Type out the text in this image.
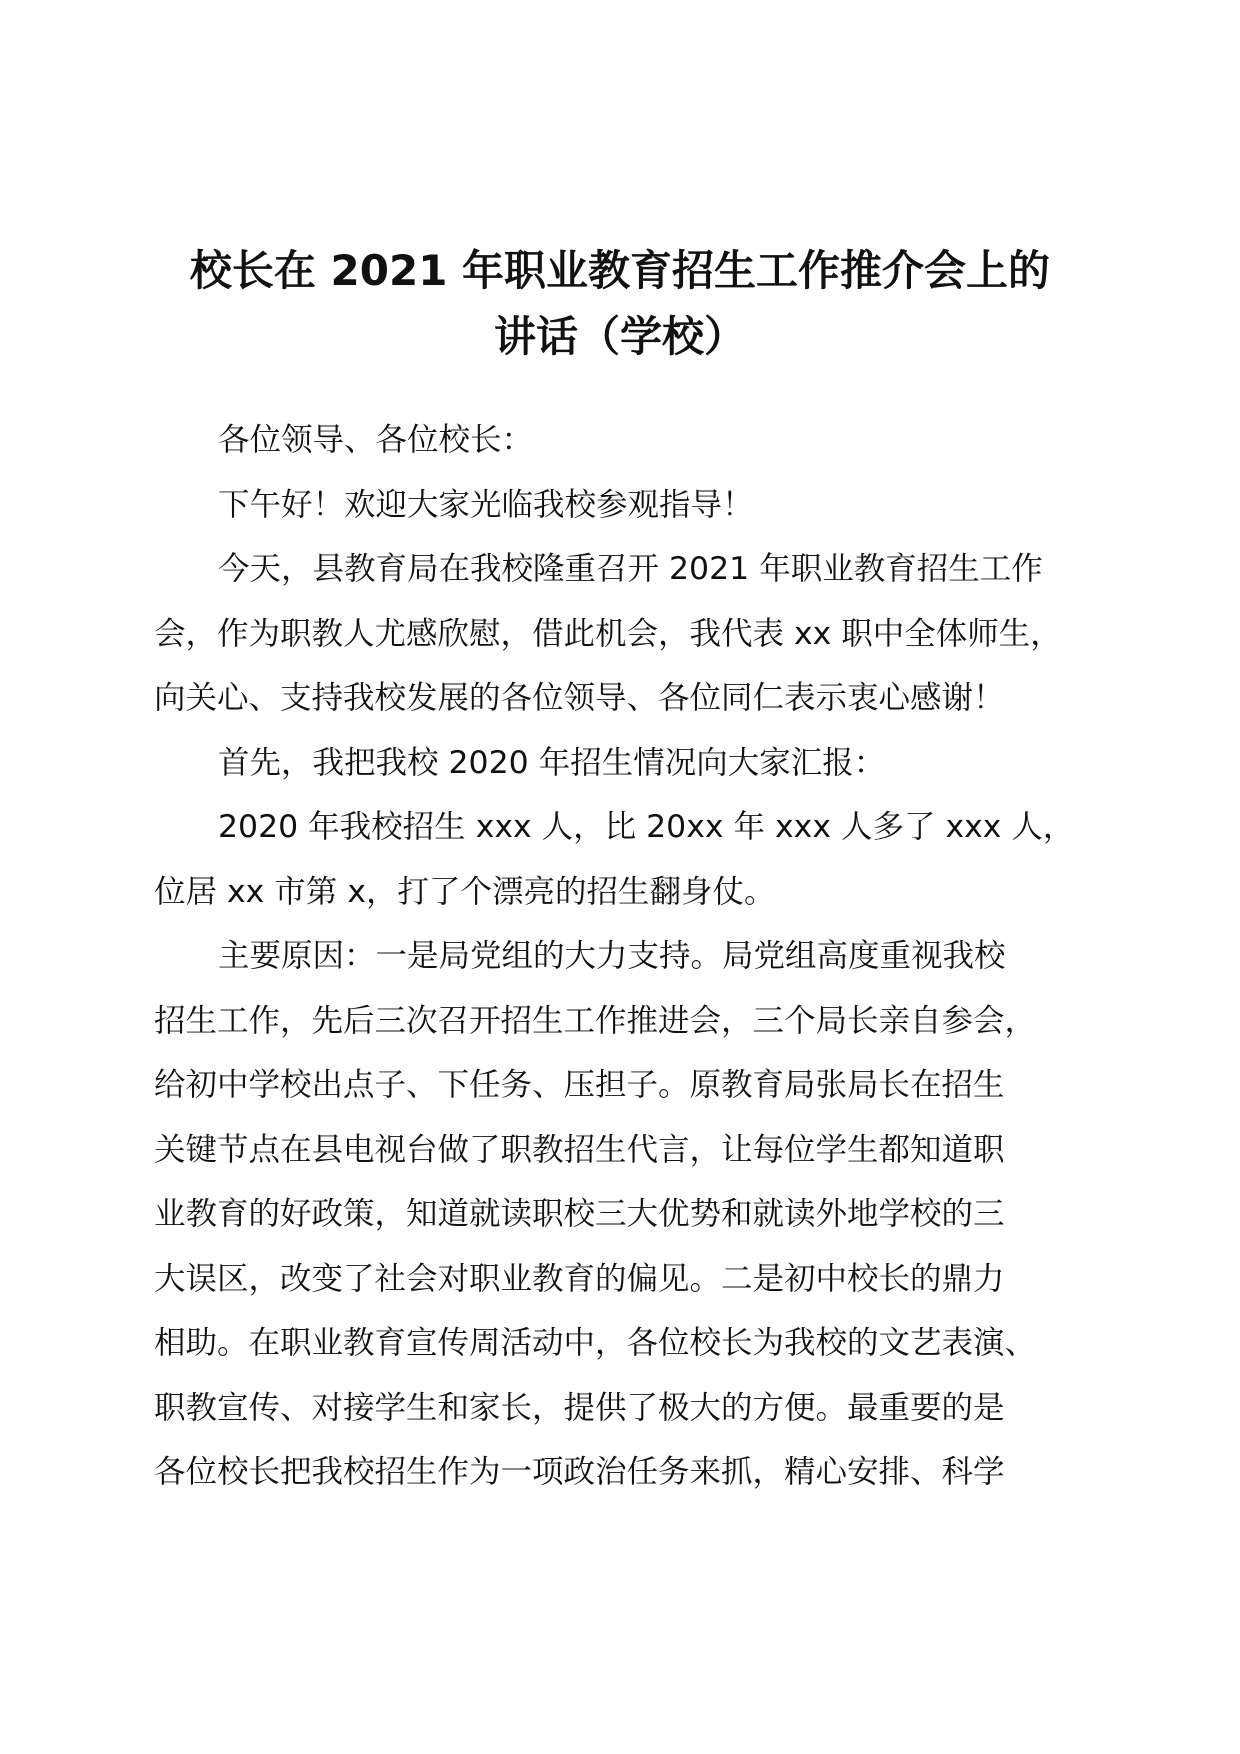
校长在 2021 年职业教育招生工作推介会上的
讲话（学校）

各位领导、各位校长：

下午好！欢迎大家光临我校参观指导！

今天，县教育局在我校隆重召开 2021 年职业教育招生工作
会，作为职教人尤感欣慰，借此机会，我代表 xx 职中全体师生，
向关心、支持我校发展的各位领导、各位同仁表示衷心感谢！

首先，我把我校 2020 年招生情况向大家汇报：

2020 年我校招生 xxx 人，比 20xx 年 xxx 人多了 xxx 人，
位居 xx 市第 x，打了个漂亮的招生翻身仗。

主要原因：一是局党组的大力支持。局党组高度重视我校
招生工作，先后三次召开招生工作推进会，三个局长亲自参会，
给初中学校出点子、下任务、压担子。原教育局张局长在招生
关键节点在县电视台做了职教招生代言，让每位学生都知道职
业教育的好政策，知道就读职校三大优势和就读外地学校的三
大误区，改变了社会对职业教育的偏见。二是初中校长的鼎力
相助。在职业教育宣传周活动中，各位校长为我校的文艺表演、
职教宣传、对接学生和家长，提供了极大的方便。最重要的是
各位校长把我校招生作为一项政治任务来抓，精心安排、科学
